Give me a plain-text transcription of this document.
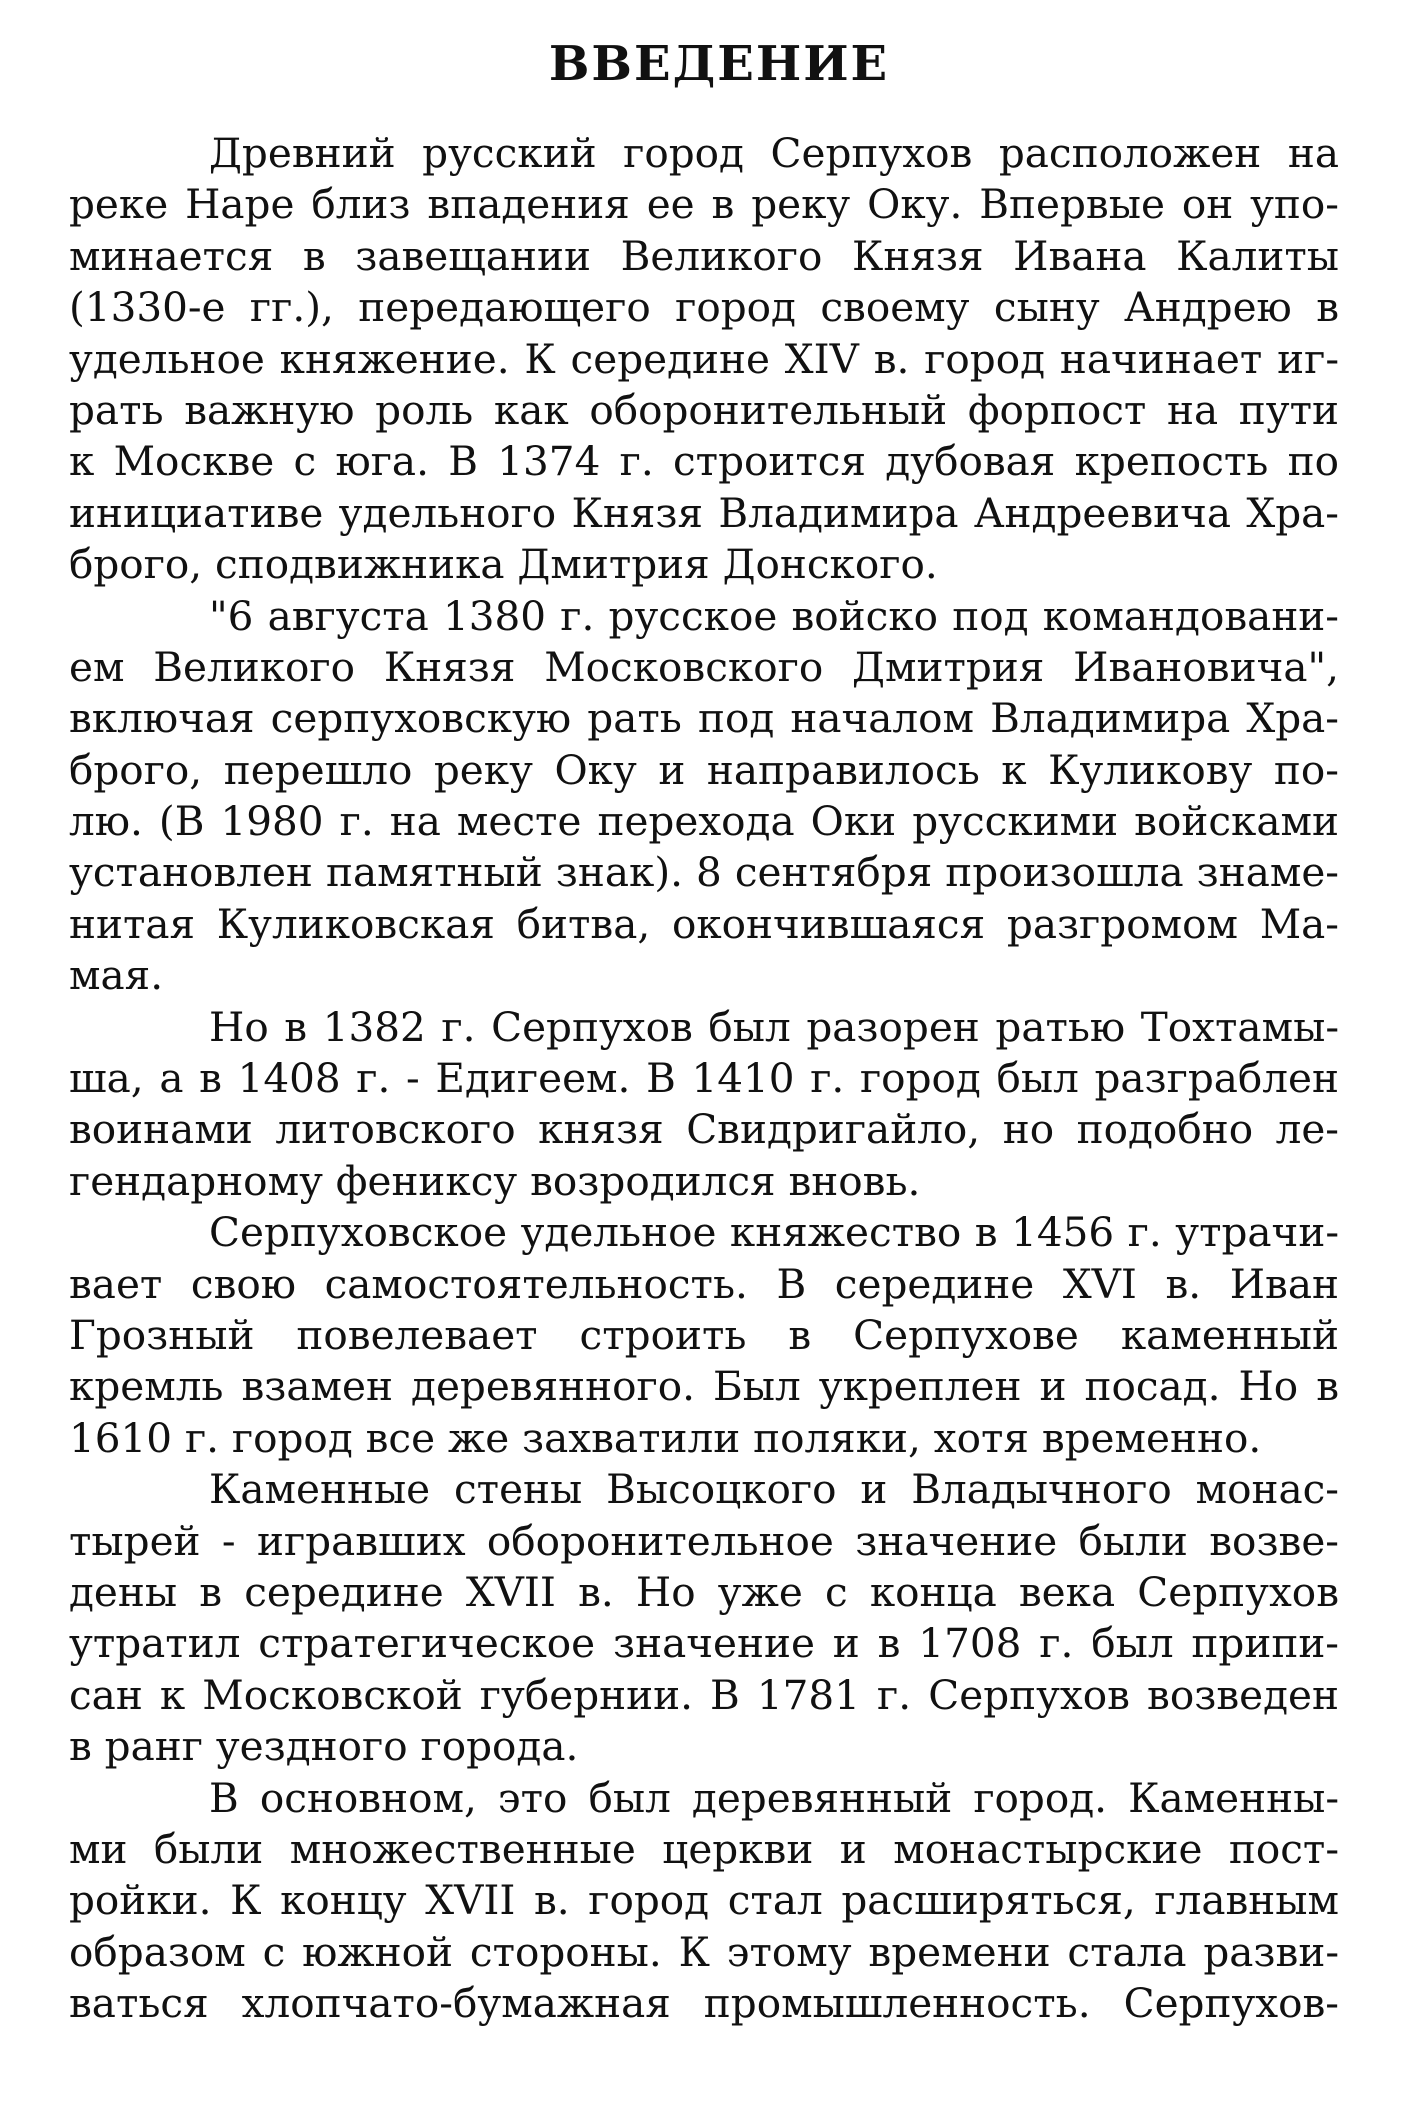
ВВЕДЕНИЕ
Древний русский город Серпухов расположен на
реке Наре близ впадения ее в реку Оку. Впервые он упо-
минается в завещании Великого Князя Ивана Калиты
(1330-е гг.), передающего город своему сыну Андрею в
удельное княжение. К середине XIV в. город начинает иг-
рать важную роль как оборонительный форпост на пути
к Москве с юга. В 1374 г. строится дубовая крепость по
инициативе удельного Князя Владимира Андреевича Хра-
брого, сподвижника Дмитрия Донского.
"6 августа 1380 г. русское войско под командовани-
ем Великого Князя Московского Дмитрия Ивановича",
включая серпуховскую рать под началом Владимира Хра-
брого, перешло реку Оку и направилось к Куликову по-
лю. (В 1980 г. на месте перехода Оки русскими войсками
установлен памятный знак). 8 сентября произошла знаме-
нитая Куликовская битва, окончившаяся разгромом Ма-
мая.
Но в 1382 г. Серпухов был разорен ратью Тохтамы-
ша, а в 1408 г. - Едигеем. В 1410 г. город был разграблен
воинами литовского князя Свидригайло, но подобно ле-
гендарному фениксу возродился вновь.
Серпуховское удельное княжество в 1456 г. утрачи-
вает свою самостоятельность. В середине XVI в. Иван
Грозный повелевает строить в Серпухове каменный
кремль взамен деревянного. Был укреплен и посад. Но в
1610 г. город все же захватили поляки, хотя временно.
Каменные стены Высоцкого и Владычного монас-
тырей - игравших оборонительное значение были возве-
дены в середине XVII в. Но уже с конца века Серпухов
утратил стратегическое значение и в 1708 г. был припи-
сан к Московской губернии. В 1781 г. Серпухов возведен
в ранг уездного города.
В основном, это был деревянный город. Каменны-
ми были множественные церкви и монастырские пост-
ройки. К концу XVII в. город стал расширяться, главным
образом с южной стороны. К этому времени стала разви-
ваться хлопчато-бумажная промышленность. Серпухов-
